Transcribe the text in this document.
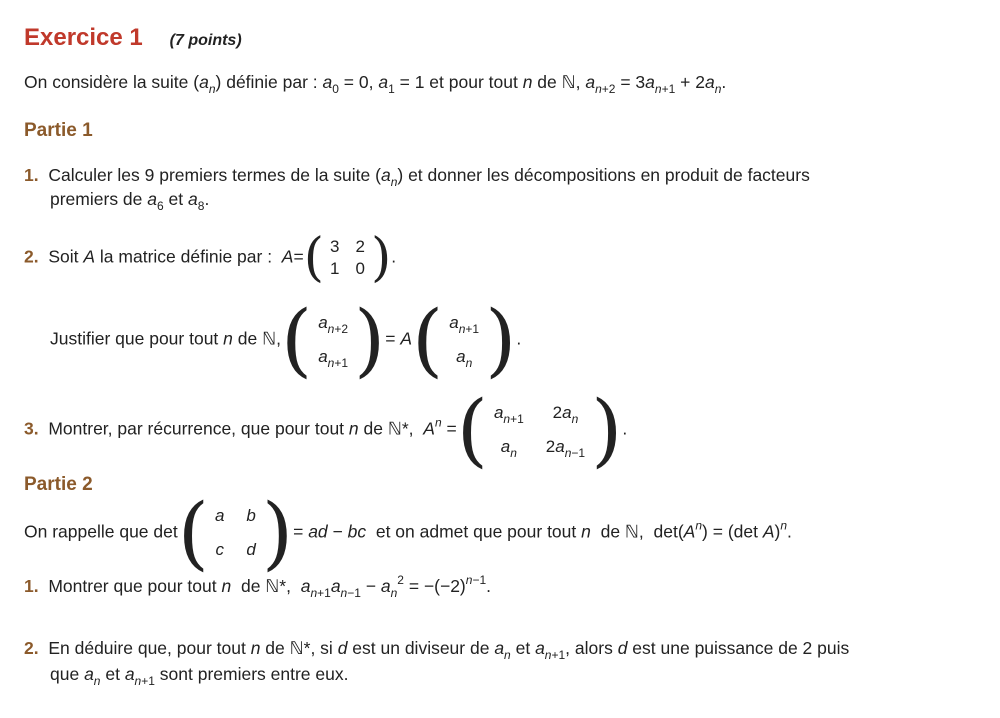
Exercice 1 (7 points)
On considère la suite $(a_n)$ définie par : $a_0 = 0$, $a_1 = 1$ et pour tout n de ℕ, $a_{n+2} = 3a_{n+1} + 2a_n$.
Partie 1
1.  Calculer les 9 premiers termes de la suite $(a_n)$ et donner les décompositions en produit de facteurs
premiers de $a_6$ et $a_8$.
2.  Soit A la matrice définie par :  A= ( 3 2
1 0 ) .
Justifier que pour tout n de ℕ, ( $a_{n+2}$
$a_{n+1}$ ) = A ( $a_{n+1}$
$a_n$ ) .
3.  Montrer, par récurrence, que pour tout n de ℕ*,  $A^n$ = ( $a_{n+1}$ $2a_n$
$a_n$ $2a_{n-1}$ ) .
Partie 2
On rappelle que det ( a b
c d ) = ad − bc  et on admet que pour tout n  de ℕ,  $\det(A^n) = (\det$ A)$^n$.
1.  Montrer que pour tout n  de ℕ*,  $a_{n+1}a_{n-1} - a_n^2 = -(-2)^{n-1}$.
2.  En déduire que, pour tout n de ℕ*, si d est un diviseur de $a_n$ et $a_{n+1}$, alors d est une puissance de 2 puis
que $a_n$ et $a_{n+1}$ sont premiers entre eux.
